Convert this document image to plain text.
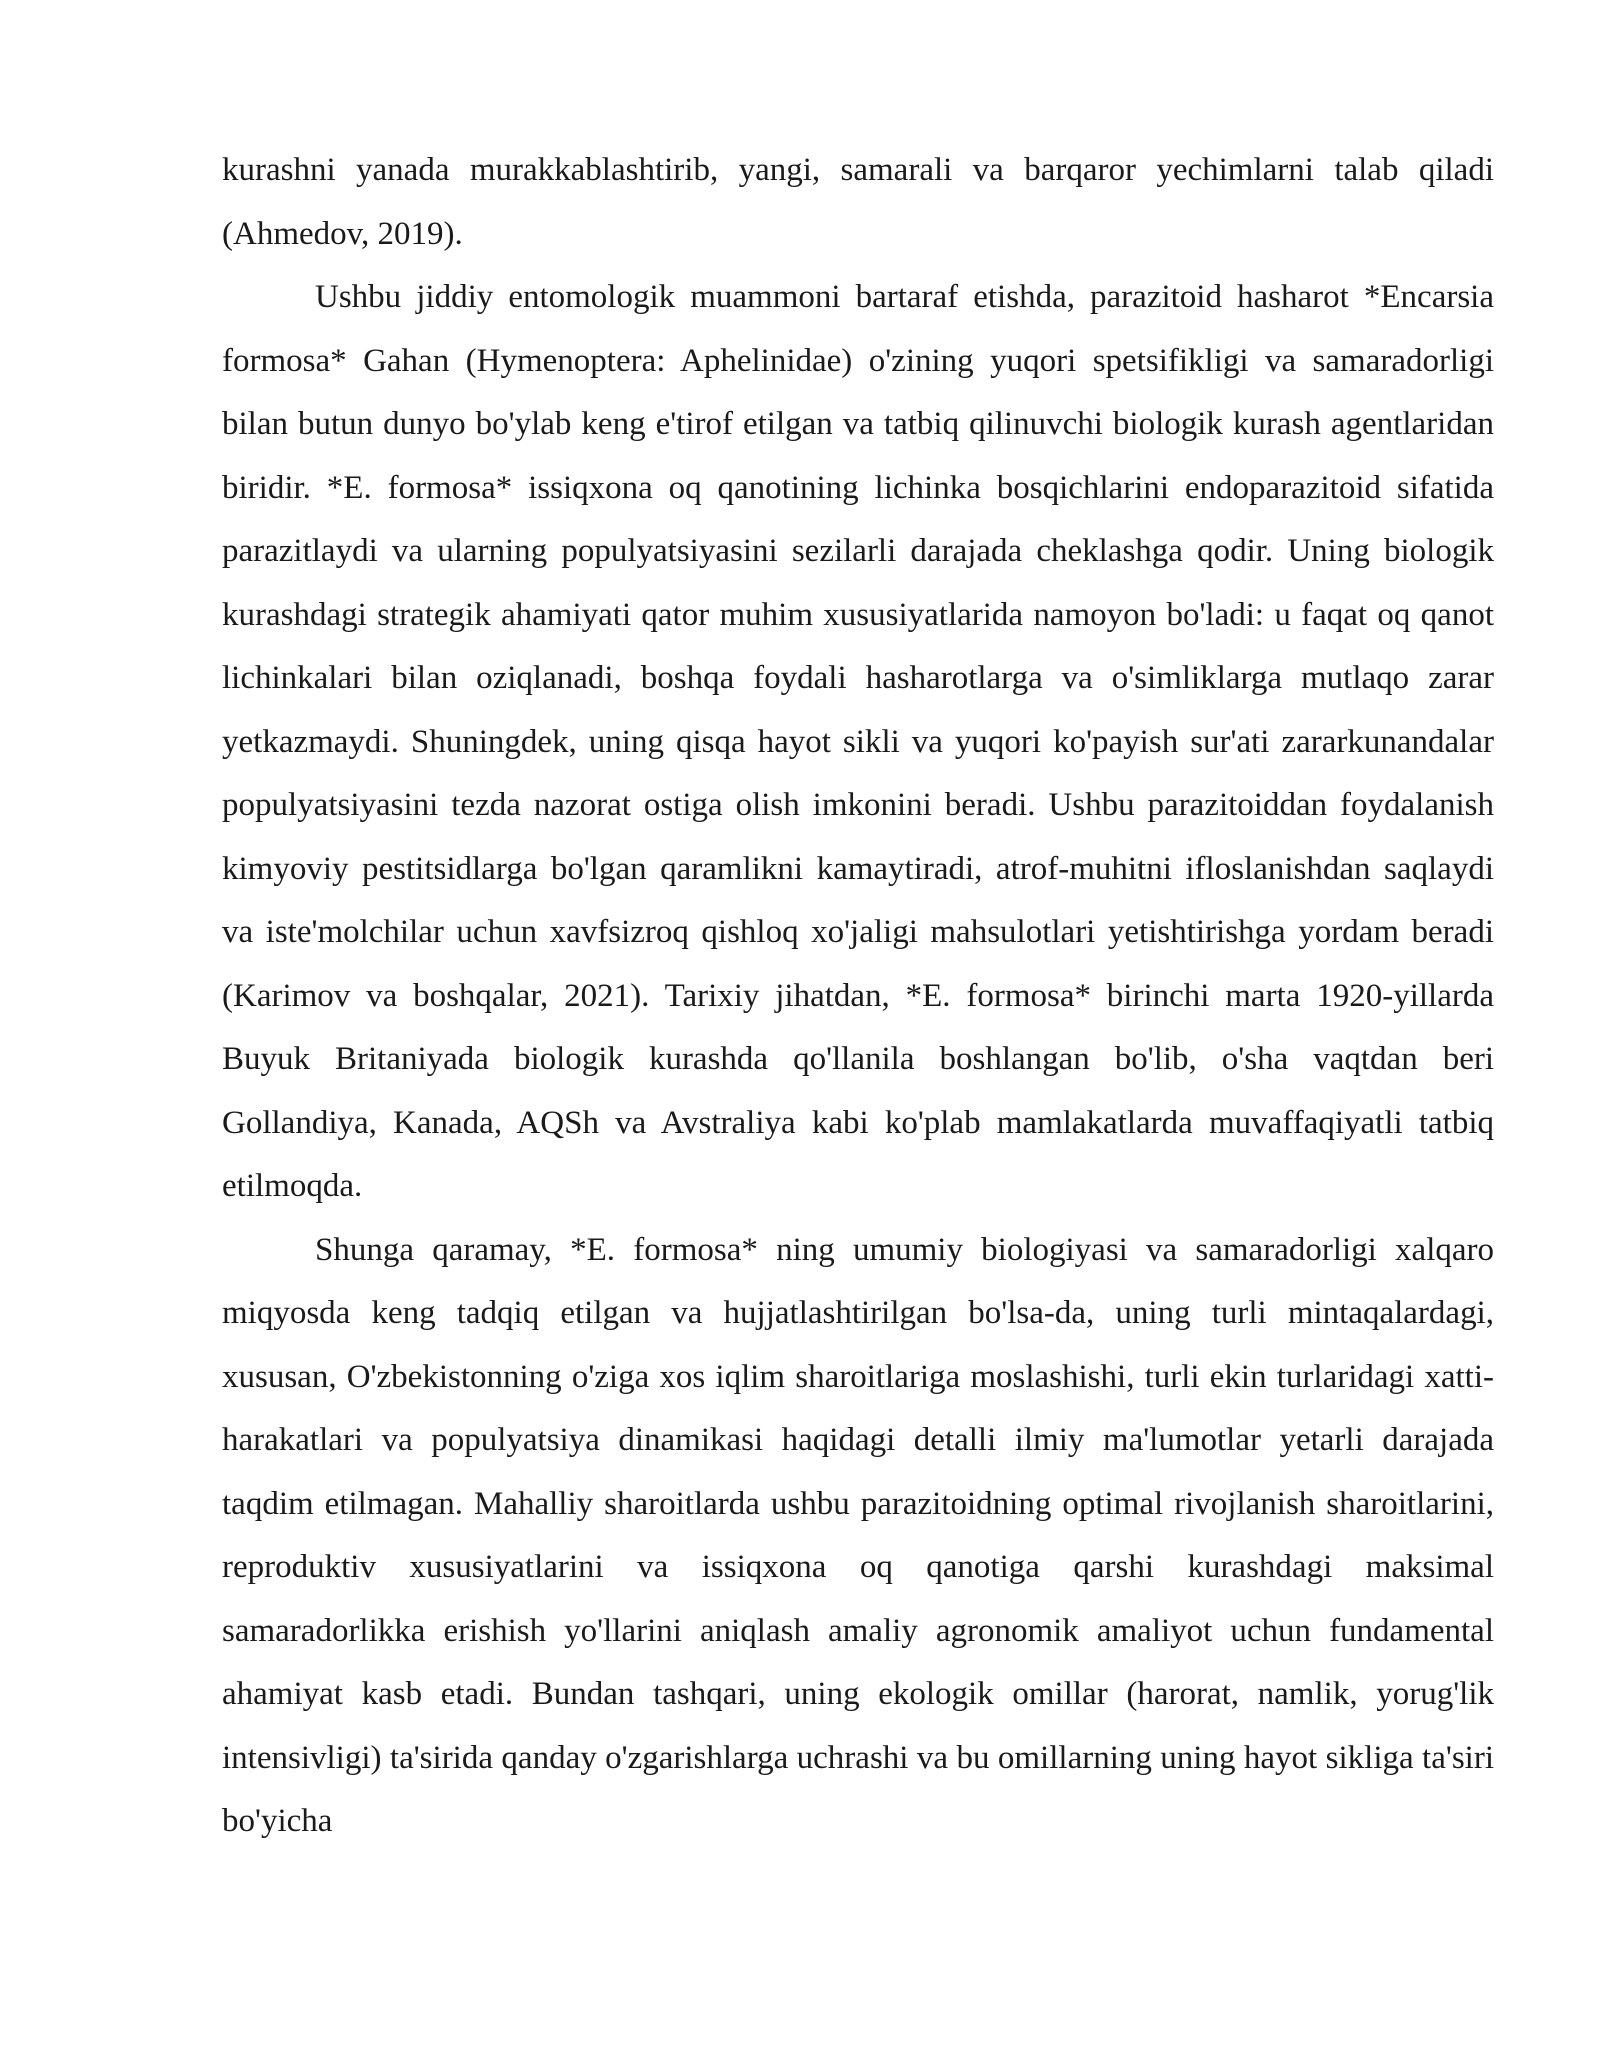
kurashni yanada murakkablashtirib, yangi, samarali va barqaror yechimlarni talab qiladi (Ahmedov, 2019).

Ushbu jiddiy entomologik muammoni bartaraf etishda, parazitoid hasharot *Encarsia formosa* Gahan (Hymenoptera: Aphelinidae) o'zining yuqori spetsifikligi va samaradorligi bilan butun dunyo bo'ylab keng e'tirof etilgan va tatbiq qilinuvchi biologik kurash agentlaridan biridir. *E. formosa* issiqxona oq qanotining lichinka bosqichlarini endoparazitoid sifatida parazitlaydi va ularning populyatsiyasini sezilarli darajada cheklashga qodir. Uning biologik kurashdagi strategik ahamiyati qator muhim xususiyatlarida namoyon bo'ladi: u faqat oq qanot lichinkalari bilan oziqlanadi, boshqa foydali hasharotlarga va o'simliklarga mutlaqo zarar yetkazmaydi. Shuningdek, uning qisqa hayot sikli va yuqori ko'payish sur'ati zararkunandalar populyatsiyasini tezda nazorat ostiga olish imkonini beradi. Ushbu parazitoiddan foydalanish kimyoviy pestitsidlarga bo'lgan qaramlikni kamaytiradi, atrof-muhitni ifloslanishdan saqlaydi va iste'molchilar uchun xavfsizroq qishloq xo'jaligi mahsulotlari yetishtirishga yordam beradi (Karimov va boshqalar, 2021). Tarixiy jihatdan, *E. formosa* birinchi marta 1920-yillarda Buyuk Britaniyada biologik kurashda qo'llanila boshlangan bo'lib, o'sha vaqtdan beri Gollandiya, Kanada, AQSh va Avstraliya kabi ko'plab mamlakatlarda muvaffaqiyatli tatbiq etilmoqda.

Shunga qaramay, *E. formosa* ning umumiy biologiyasi va samaradorligi xalqaro miqyosda keng tadqiq etilgan va hujjatlashtirilgan bo'lsa-da, uning turli mintaqalardagi, xususan, O'zbekistonning o'ziga xos iqlim sharoitlariga moslashishi, turli ekin turlaridagi xatti-harakatlari va populyatsiya dinamikasi haqidagi detalli ilmiy ma'lumotlar yetarli darajada taqdim etilmagan. Mahalliy sharoitlarda ushbu parazitoidning optimal rivojlanish sharoitlarini, reproduktiv xususiyatlarini va issiqxona oq qanotiga qarshi kurashdagi maksimal samaradorlikka erishish yo'llarini aniqlash amaliy agronomik amaliyot uchun fundamental ahamiyat kasb etadi. Bundan tashqari, uning ekologik omillar (harorat, namlik, yorug'lik intensivligi) ta'sirida qanday o'zgarishlarga uchrashi va bu omillarning uning hayot sikliga ta'siri bo'yicha
